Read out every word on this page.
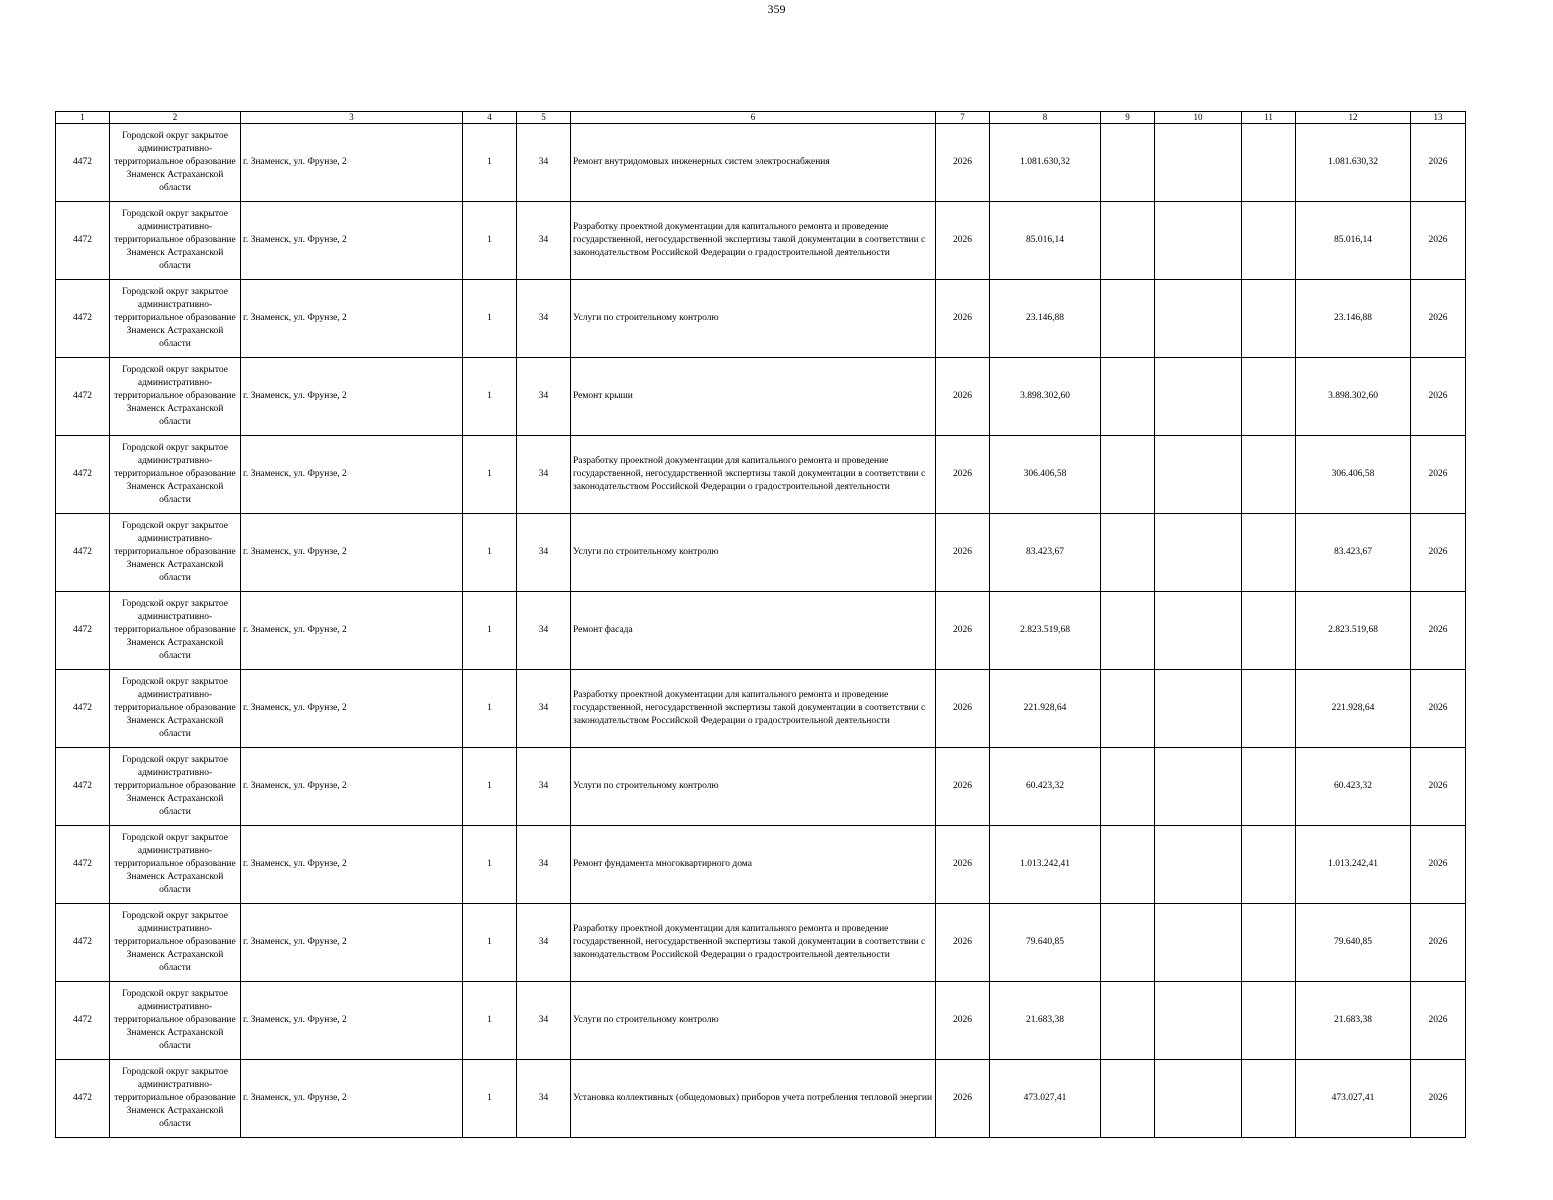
359
1	2	3	4	5	6	7	8	9	10	11	12	13
4472	Городской округ закрытое административно-территориальное образование Знаменск Астраханской области	г. Знаменск, ул. Фрунзе, 2	1	34	Ремонт внутридомовых инженерных систем электроснабжения	2026	1.081.630,32				1.081.630,32	2026
4472	Городской округ закрытое административно-территориальное образование Знаменск Астраханской области	г. Знаменск, ул. Фрунзе, 2	1	34	Разработку проектной документации для капитального ремонта и проведение государственной, негосударственной экспертизы такой документации в соответствии с законодательством Российской Федерации о градостроительной деятельности	2026	85.016,14				85.016,14	2026
4472	Городской округ закрытое административно-территориальное образование Знаменск Астраханской области	г. Знаменск, ул. Фрунзе, 2	1	34	Услуги по строительному контролю	2026	23.146,88				23.146,88	2026
4472	Городской округ закрытое административно-территориальное образование Знаменск Астраханской области	г. Знаменск, ул. Фрунзе, 2	1	34	Ремонт крыши	2026	3.898.302,60				3.898.302,60	2026
4472	Городской округ закрытое административно-территориальное образование Знаменск Астраханской области	г. Знаменск, ул. Фрунзе, 2	1	34	Разработку проектной документации для капитального ремонта и проведение государственной, негосударственной экспертизы такой документации в соответствии с законодательством Российской Федерации о градостроительной деятельности	2026	306.406,58				306.406,58	2026
4472	Городской округ закрытое административно-территориальное образование Знаменск Астраханской области	г. Знаменск, ул. Фрунзе, 2	1	34	Услуги по строительному контролю	2026	83.423,67				83.423,67	2026
4472	Городской округ закрытое административно-территориальное образование Знаменск Астраханской области	г. Знаменск, ул. Фрунзе, 2	1	34	Ремонт фасада	2026	2.823.519,68				2.823.519,68	2026
4472	Городской округ закрытое административно-территориальное образование Знаменск Астраханской области	г. Знаменск, ул. Фрунзе, 2	1	34	Разработку проектной документации для капитального ремонта и проведение государственной, негосударственной экспертизы такой документации в соответствии с законодательством Российской Федерации о градостроительной деятельности	2026	221.928,64				221.928,64	2026
4472	Городской округ закрытое административно-территориальное образование Знаменск Астраханской области	г. Знаменск, ул. Фрунзе, 2	1	34	Услуги по строительному контролю	2026	60.423,32				60.423,32	2026
4472	Городской округ закрытое административно-территориальное образование Знаменск Астраханской области	г. Знаменск, ул. Фрунзе, 2	1	34	Ремонт фундамента многоквартирного дома	2026	1.013.242,41				1.013.242,41	2026
4472	Городской округ закрытое административно-территориальное образование Знаменск Астраханской области	г. Знаменск, ул. Фрунзе, 2	1	34	Разработку проектной документации для капитального ремонта и проведение государственной, негосударственной экспертизы такой документации в соответствии с законодательством Российской Федерации о градостроительной деятельности	2026	79.640,85				79.640,85	2026
4472	Городской округ закрытое административно-территориальное образование Знаменск Астраханской области	г. Знаменск, ул. Фрунзе, 2	1	34	Услуги по строительному контролю	2026	21.683,38				21.683,38	2026
4472	Городской округ закрытое административно-территориальное образование Знаменск Астраханской области	г. Знаменск, ул. Фрунзе, 2	1	34	Установка коллективных (общедомовых) приборов учета потребления тепловой энергии	2026	473.027,41				473.027,41	2026
